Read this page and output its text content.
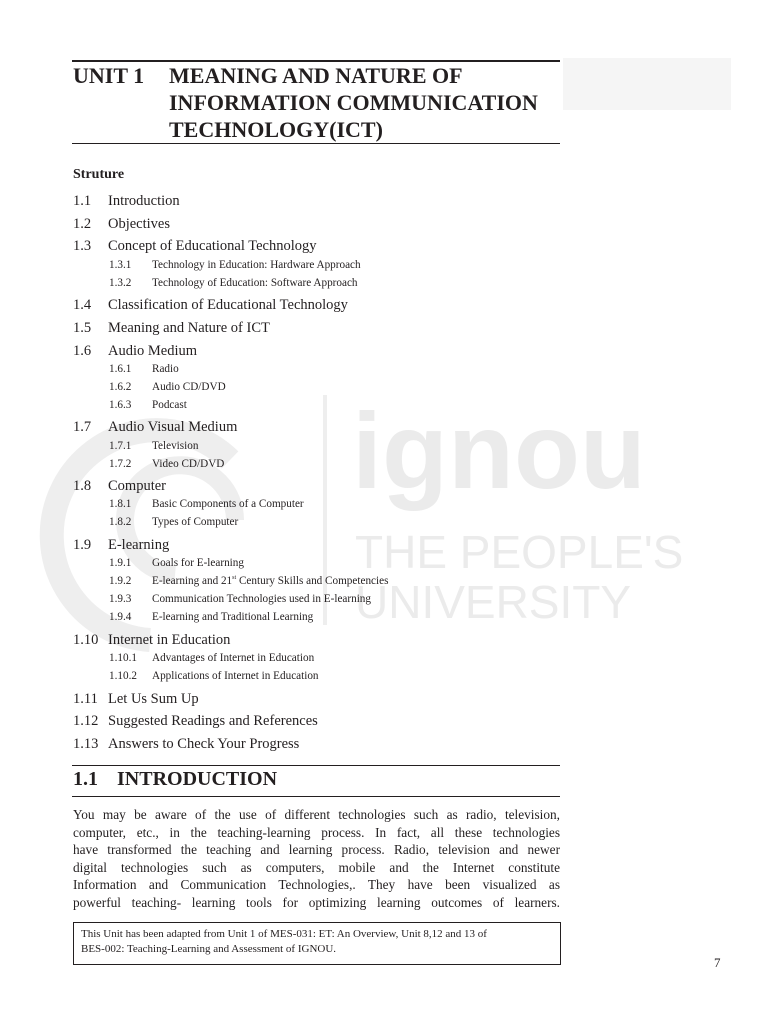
ignou
THE PEOPLE'S
UNIVERSITY
UNIT 1 MEANING AND NATURE OF
INFORMATION COMMUNICATION
TECHNOLOGY(ICT)
Struture
1.1 Introduction
1.2 Objectives
1.3 Concept of Educational Technology
1.3.1 Technology in Education: Hardware Approach
1.3.2 Technology of Education: Software Approach
1.4 Classification of Educational Technology
1.5 Meaning and Nature of ICT
1.6 Audio Medium
1.6.1 Radio
1.6.2 Audio CD/DVD
1.6.3 Podcast
1.7 Audio Visual Medium
1.7.1 Television
1.7.2 Video CD/DVD
1.8 Computer
1.8.1 Basic Components of a Computer
1.8.2 Types of Computer
1.9 E-learning
1.9.1 Goals for E-learning
1.9.2 E-learning and 21st Century Skills and Competencies
1.9.3 Communication Technologies used in E-learning
1.9.4 E-learning and Traditional Learning
1.10 Internet in Education
1.10.1 Advantages of Internet in Education
1.10.2 Applications of Internet in Education
1.11 Let Us Sum Up
1.12 Suggested Readings and References
1.13 Answers to Check Your Progress
1.1 INTRODUCTION

You may be aware of the use of different technologies such as radio, television,
computer, etc., in the teaching-learning process. In fact, all these technologies
have transformed the teaching and learning process. Radio, television and newer
digital technologies such as computers, mobile and the Internet constitute
Information and Communication Technologies,. They have been visualized as
powerful teaching- learning tools for optimizing learning outcomes of learners.

This Unit has been adapted from Unit 1 of MES-031: ET: An Overview, Unit 8,12 and 13 of
BES-002: Teaching-Learning and Assessment of IGNOU.
7
